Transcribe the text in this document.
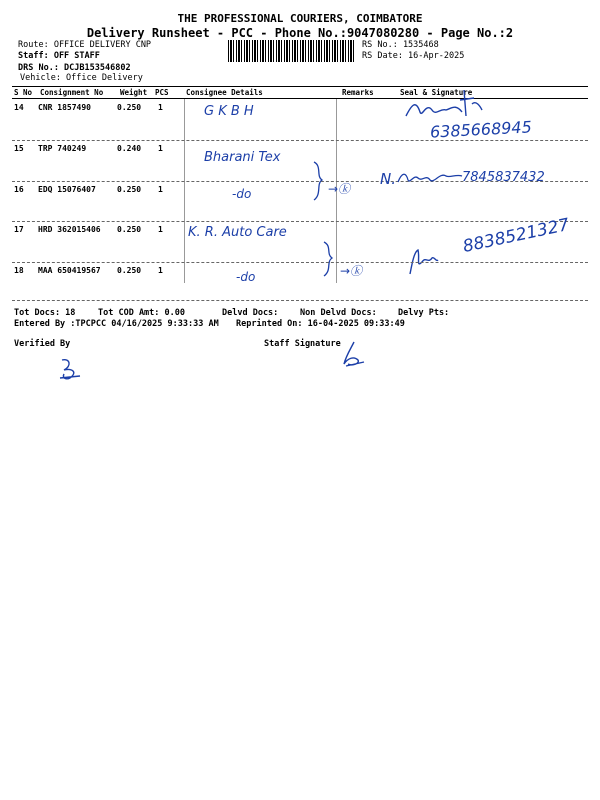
THE PROFESSIONAL COURIERS, COIMBATORE
Delivery Runsheet - PCC - Phone No.:9047080280 - Page No.:2
Route: OFFICE DELIVERY CNP
Staff: OFF STAFF
DRS No.: DCJB153546802
Vehicle: Office Delivery
RS No.: 1535468
RS Date: 16-Apr-2025
S No Consignment No Weight PCS Consignee Details	Remarks	Seal & Signature
14 CNR 1857490	0.250 1	G K B H
6385668945
15 TRP 740249	0.240 1
Bharani Tex
16 EDQ 15076407	0.250 1	-do	→ⓚ
N.	7845837432
17 HRD 362015406 0.250 1 K. R. Auto Care	8838521327
18 MAA 650419567 0.250 1	-do	→ⓚ
Tot Docs: 18	Tot COD Amt: 0.00	Delvd Docs:	Non Delvd Docs: Delvy Pts:
Entered By :TPCPCC 04/16/2025 9:33:33 AM Reprinted On: 16-04-2025 09:33:49
Verified By	Staff Signature
